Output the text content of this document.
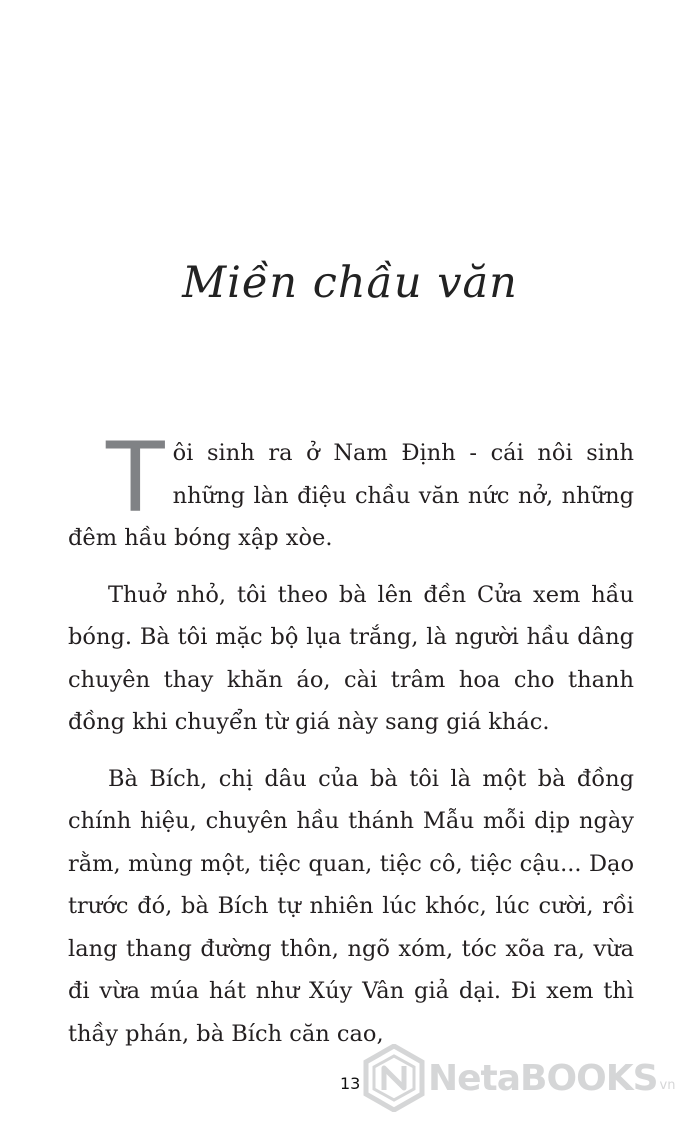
Miền chầu văn

Tôi sinh ra ở Nam Định - cái nôi sinh những làn điệu chầu văn nức nở, những đêm hầu bóng xập xòe.

Thuở nhỏ, tôi theo bà lên đền Cửa xem hầu bóng. Bà tôi mặc bộ lụa trắng, là người hầu dâng chuyên thay khăn áo, cài trâm hoa cho thanh đồng khi chuyển từ giá này sang giá khác.

Bà Bích, chị dâu của bà tôi là một bà đồng chính hiệu, chuyên hầu thánh Mẫu mỗi dịp ngày rằm, mùng một, tiệc quan, tiệc cô, tiệc cậu... Dạo trước đó, bà Bích tự nhiên lúc khóc, lúc cười, rồi lang thang đường thôn, ngõ xóm, tóc xõa ra, vừa đi vừa múa hát như Xúy Vân giả dại. Đi xem thì thầy phán, bà Bích căn cao,

NetaBOOKS vn
13
